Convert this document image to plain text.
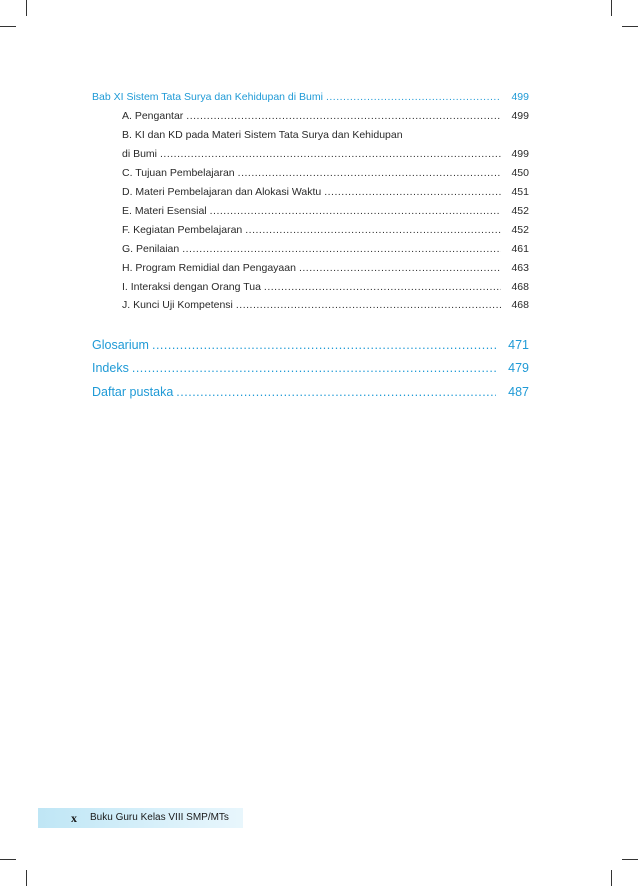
Bab XI Sistem Tata Surya dan Kehidupan di Bumi .....	499
A. Pengantar .....	499
B. KI dan KD pada Materi Sistem Tata Surya dan Kehidupan
di Bumi .....	499
C. Tujuan Pembelajaran .....	450
D. Materi Pembelajaran dan Alokasi Waktu .....	451
E. Materi Esensial .....	452
F. Kegiatan Pembelajaran .....	452
G. Penilaian .....	461
H. Program Remidial dan Pengayaan .....	463
I. Interaksi dengan Orang Tua .....	468
J. Kunci Uji Kompetensi .....	468
Glosarium .....	471
Indeks .....	479
Daftar pustaka .....	487
x	Buku Guru Kelas VIII SMP/MTs
